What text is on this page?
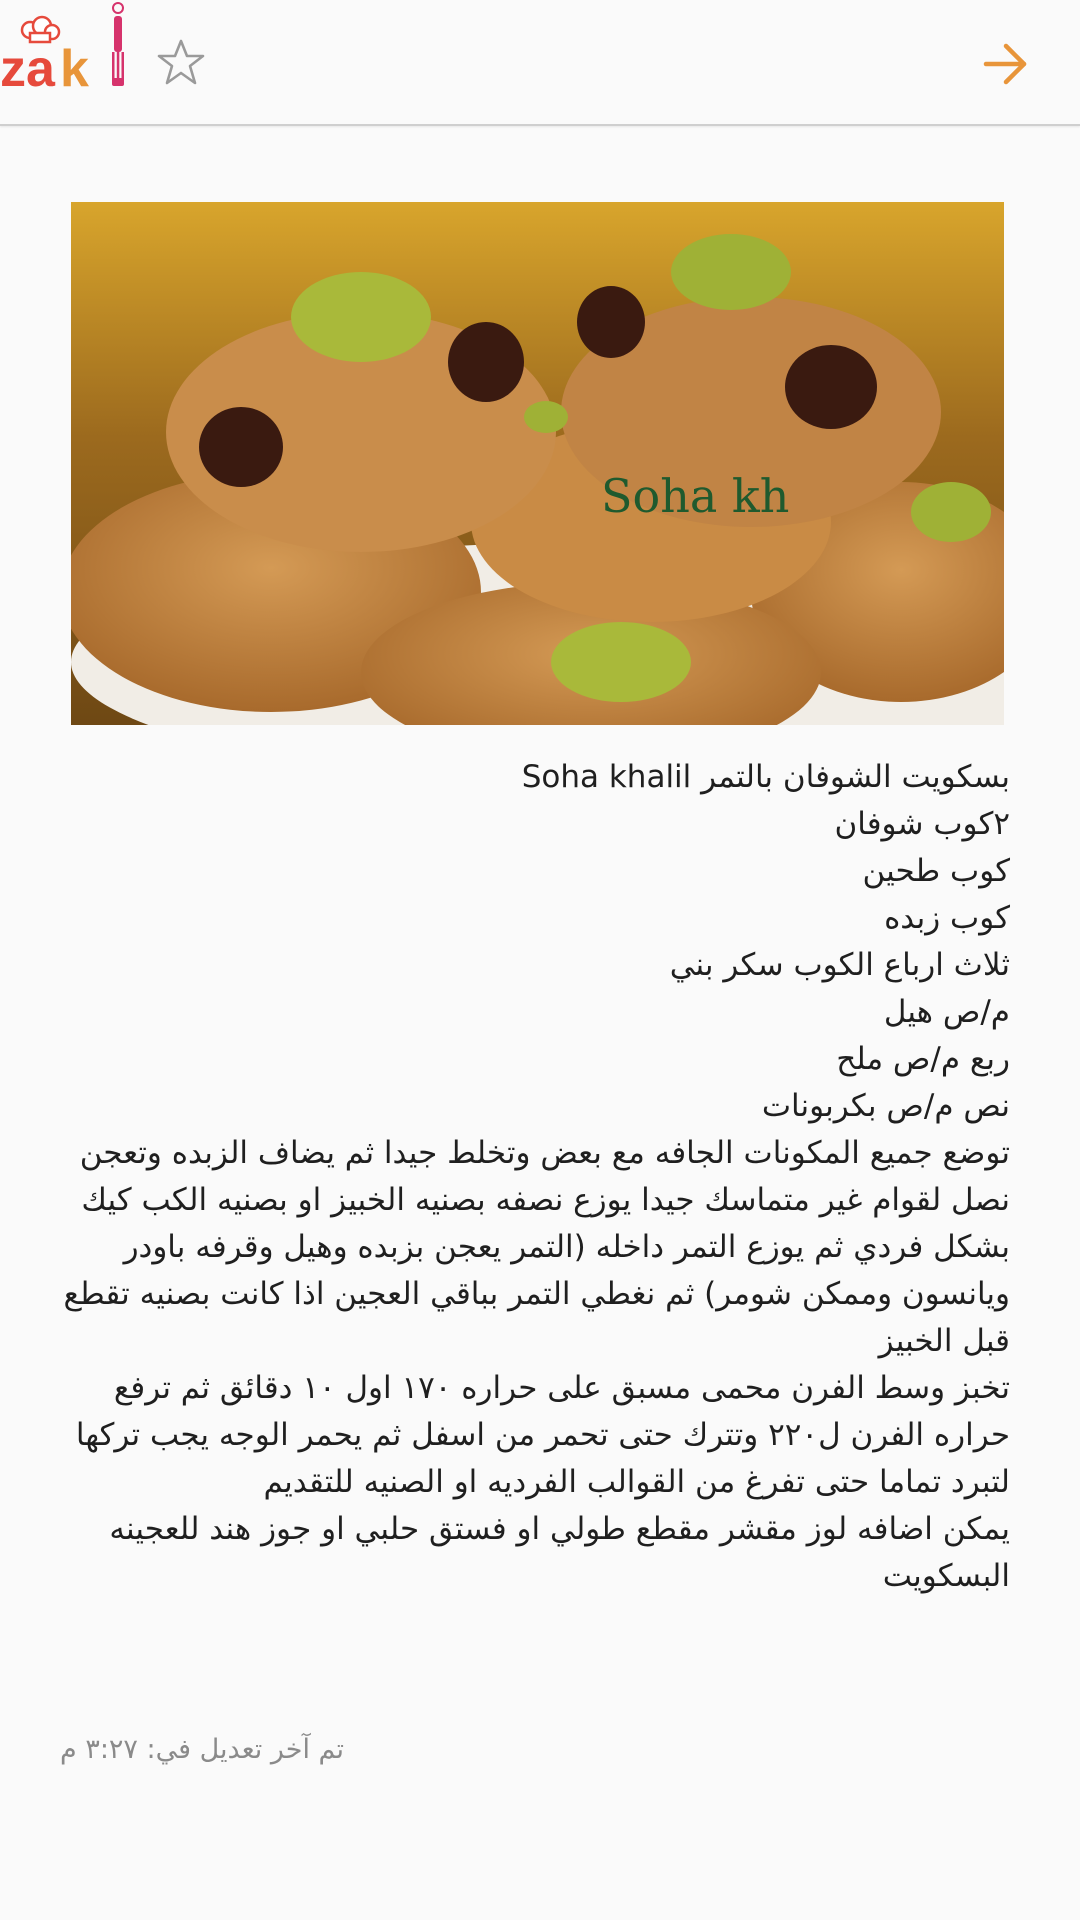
za k
Soha kh
بسكويت الشوفان بالتمر Soha khalil
٢كوب شوفان
كوب طحين
كوب زبده
ثلاث ارباع الكوب سكر بني
م/ص هيل
ربع م/ص ملح
نص م/ص بكربونات
توضع جميع المكونات الجافه مع بعض وتخلط جيدا ثم يضاف الزبده وتعجن نصل لقوام غير متماسك جيدا يوزع نصفه بصنيه الخبيز او بصنيه الكب كيك بشكل فردي ثم يوزع التمر داخله (التمر يعجن بزبده وهيل وقرفه باودر ويانسون وممكن شومر) ثم نغطي التمر بباقي العجين اذا كانت بصنيه تقطع قبل الخبيز
تخبز وسط الفرن محمى مسبق على حراره ١٧٠ اول ١٠ دقائق ثم ترفع حراره الفرن ل٢٢٠ وتترك حتى تحمر من اسفل ثم يحمر الوجه يجب تركها لتبرد تماما حتى تفرغ من القوالب الفرديه او الصنيه للتقديم
يمكن اضافه لوز مقشر مقطع طولي او فستق حلبي او جوز هند للعجينه البسكويت
تم آخر تعديل في: ٣:٢٧ م
